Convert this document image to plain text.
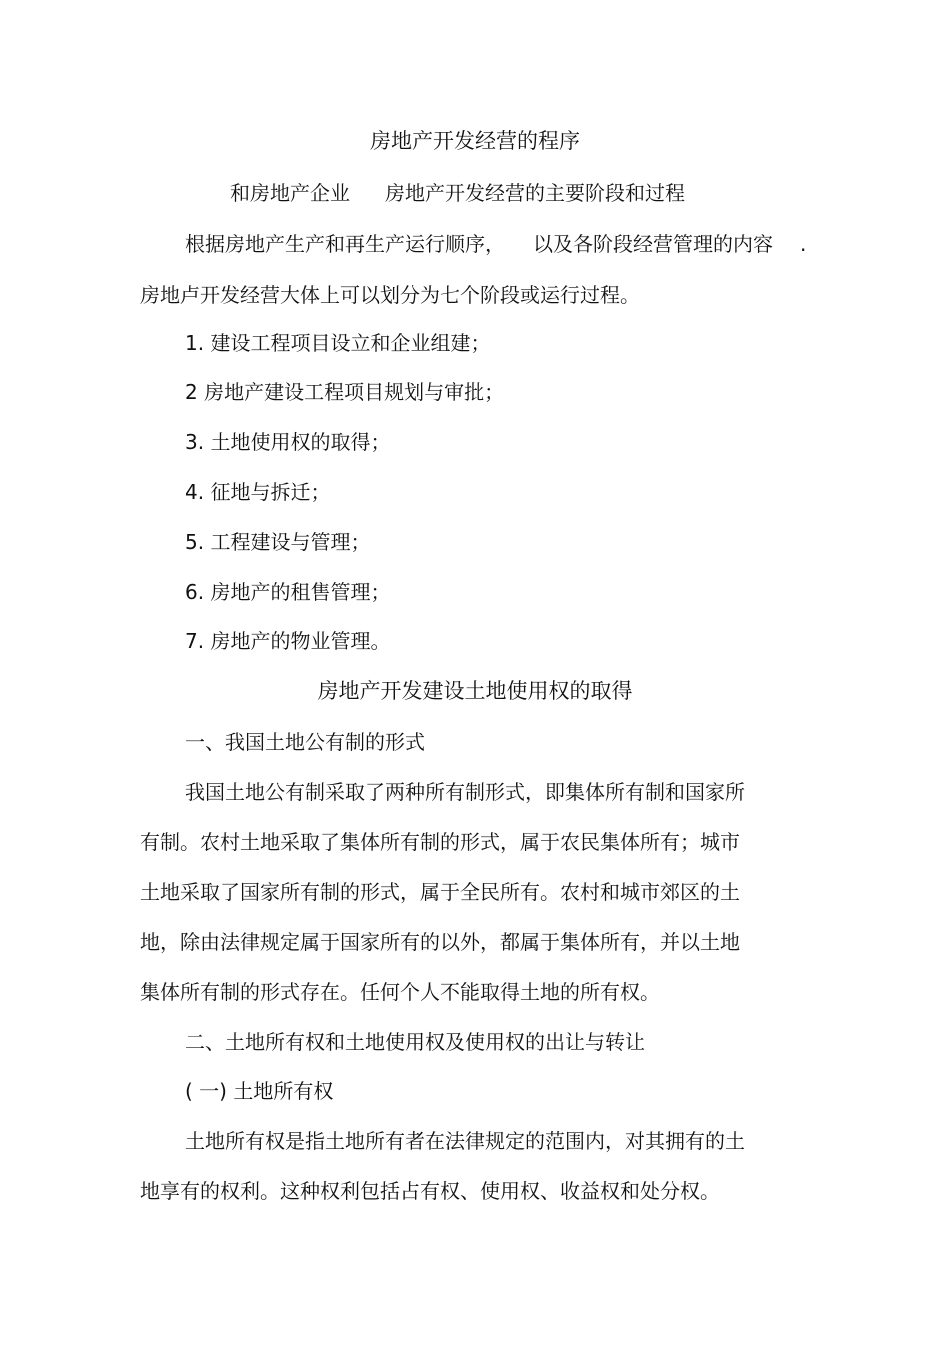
房地产开发经营的程序

和房地产企业 房地产开发经营的主要阶段和过程

根据房地产生产和再生产运行顺序， 以及各阶段经营管理的内容 .

房地卢开发经营大体上可以划分为七个阶段或运行过程。

1. 建设工程项目设立和企业组建；

2 房地产建设工程项目规划与审批；

3. 土地使用权的取得；

4. 征地与拆迁；

5. 工程建设与管理；

6. 房地产的租售管理；

7. 房地产的物业管理。

房地产开发建设土地使用权的取得

一、我国土地公有制的形式

我国土地公有制采取了两种所有制形式，即集体所有制和国家所

有制。农村土地采取了集体所有制的形式，属于农民集体所有；城市

土地采取了国家所有制的形式，属于全民所有。农村和城市郊区的土

地，除由法律规定属于国家所有的以外，都属于集体所有，并以土地

集体所有制的形式存在。任何个人不能取得土地的所有权。

二、土地所有权和土地使用权及使用权的出让与转让

( 一) 土地所有权

土地所有权是指土地所有者在法律规定的范围内，对其拥有的土

地享有的权利。这种权利包括占有权、使用权、收益权和处分权。
